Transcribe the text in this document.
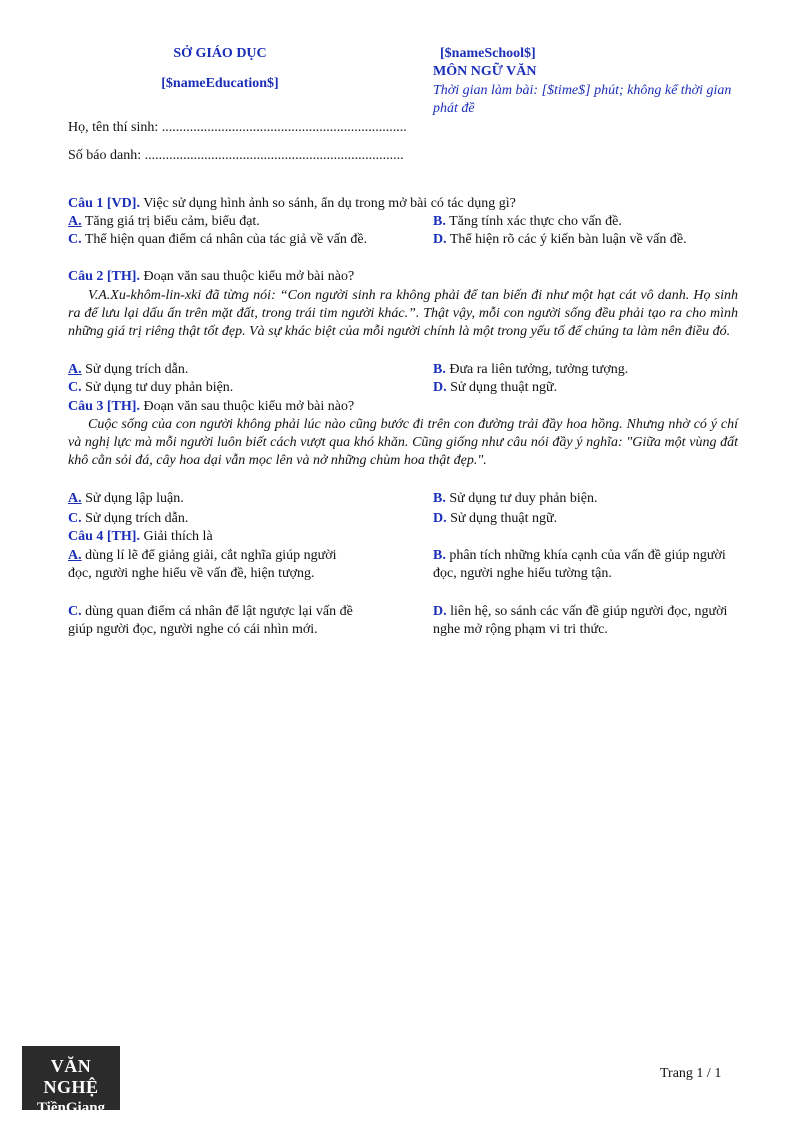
SỞ GIÁO DỤC
[$nameEducation$]
[$nameSchool$]
MÔN NGỮ VĂN
Thời gian làm bài: [$time$] phút; không kể thời gian phát đề
Họ, tên thí sinh: ......................................................................
Số báo danh: ..........................................................................
Câu 1 [VD]. Việc sử dụng hình ảnh so sánh, ẩn dụ trong mở bài có tác dụng gì?
A. Tăng giá trị biểu cảm, biểu đạt.	B. Tăng tính xác thực cho vấn đề.
C. Thể hiện quan điểm cá nhân của tác giả về vấn đề.	D. Thể hiện rõ các ý kiến bàn luận về vấn đề.
Câu 2 [TH]. Đoạn văn sau thuộc kiểu mở bài nào?
V.A.Xu-khôm-lin-xki đã từng nói: “Con người sinh ra không phải để tan biến đi như một hạt cát vô danh. Họ sinh ra để lưu lại dấu ấn trên mặt đất, trong trái tim người khác.”. Thật vậy, mỗi con người sống đều phải tạo ra cho mình những giá trị riêng thật tốt đẹp. Và sự khác biệt của mỗi người chính là một trong yếu tố để chúng ta làm nên điều đó.
A. Sử dụng trích dẫn.	B. Đưa ra liên tưởng, tưởng tượng.
C. Sử dụng tư duy phản biện.	D. Sử dụng thuật ngữ.
Câu 3 [TH]. Đoạn văn sau thuộc kiểu mở bài nào?
Cuộc sống của con người không phải lúc nào cũng bước đi trên con đường trải đầy hoa hồng. Nhưng nhờ có ý chí và nghị lực mà mỗi người luôn biết cách vượt qua khó khăn. Cũng giống như câu nói đầy ý nghĩa: "Giữa một vùng đất khô cằn sỏi đá, cây hoa dại vẫn mọc lên và nở những chùm hoa thật đẹp.".
A. Sử dụng lập luận.	B. Sử dụng tư duy phản biện.
C. Sử dụng trích dẫn.	D. Sử dụng thuật ngữ.
Câu 4 [TH]. Giải thích là
A. dùng lí lẽ để giảng giải, cắt nghĩa giúp người đọc, người nghe hiểu về vấn đề, hiện tượng.
B. phân tích những khía cạnh của vấn đề giúp người đọc, người nghe hiểu tường tận.
C. dùng quan điểm cá nhân để lật ngược lại vấn đề giúp người đọc, người nghe có cái nhìn mới.
D. liên hệ, so sánh các vấn đề giúp người đọc, người nghe mở rộng phạm vi tri thức.
VĂN NGHỆ
TiềnGiang
Trang 1 / 1
